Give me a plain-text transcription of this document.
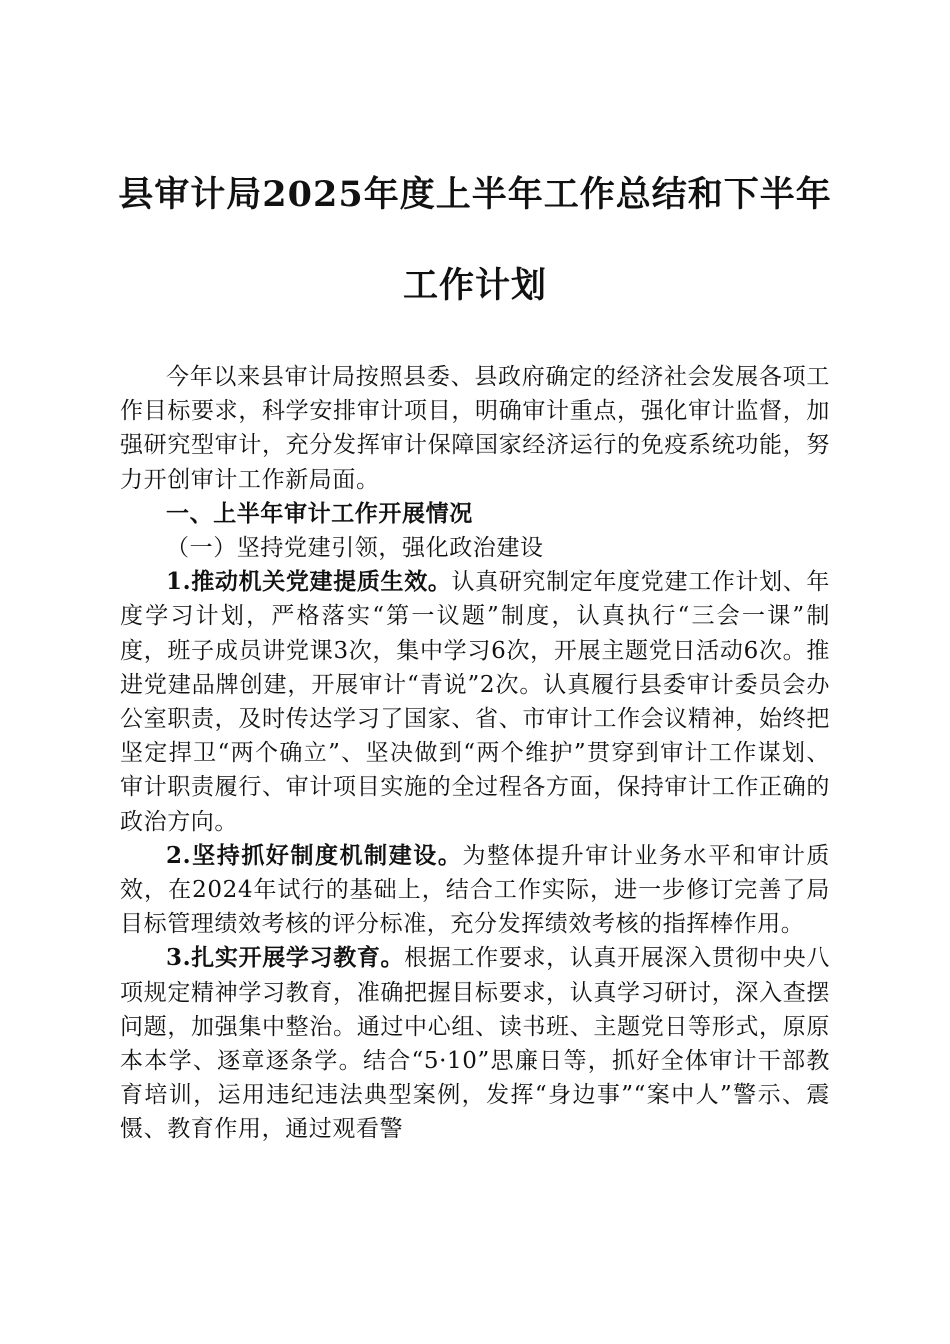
县审计局2025年度上半年工作总结和下半年
工作计划

今年以来县审计局按照县委、县政府确定的经济社会发展各项工作目标要求，科学安排审计项目，明确审计重点，强化审计监督，加强研究型审计，充分发挥审计保障国家经济运行的免疫系统功能，努力开创审计工作新局面。

一、上半年审计工作开展情况

（一）坚持党建引领，强化政治建设

1.推动机关党建提质生效。认真研究制定年度党建工作计划、年度学习计划，严格落实“第一议题”制度，认真执行“三会一课”制度，班子成员讲党课3次，集中学习6次，开展主题党日活动6次。推进党建品牌创建，开展审计“青说”2次。认真履行县委审计委员会办公室职责，及时传达学习了国家、省、市审计工作会议精神，始终把坚定捍卫“两个确立”、坚决做到“两个维护”贯穿到审计工作谋划、审计职责履行、审计项目实施的全过程各方面，保持审计工作正确的政治方向。

2.坚持抓好制度机制建设。为整体提升审计业务水平和审计质效，在2024年试行的基础上，结合工作实际，进一步修订完善了局目标管理绩效考核的评分标准，充分发挥绩效考核的指挥棒作用。

3.扎实开展学习教育。根据工作要求，认真开展深入贯彻中央八项规定精神学习教育，准确把握目标要求，认真学习研讨，深入查摆问题，加强集中整治。通过中心组、读书班、主题党日等形式，原原本本学、逐章逐条学。结合“5·10”思廉日等，抓好全体审计干部教育培训，运用违纪违法典型案例，发挥“身边事”“案中人”警示、震慑、教育作用，通过观看警
